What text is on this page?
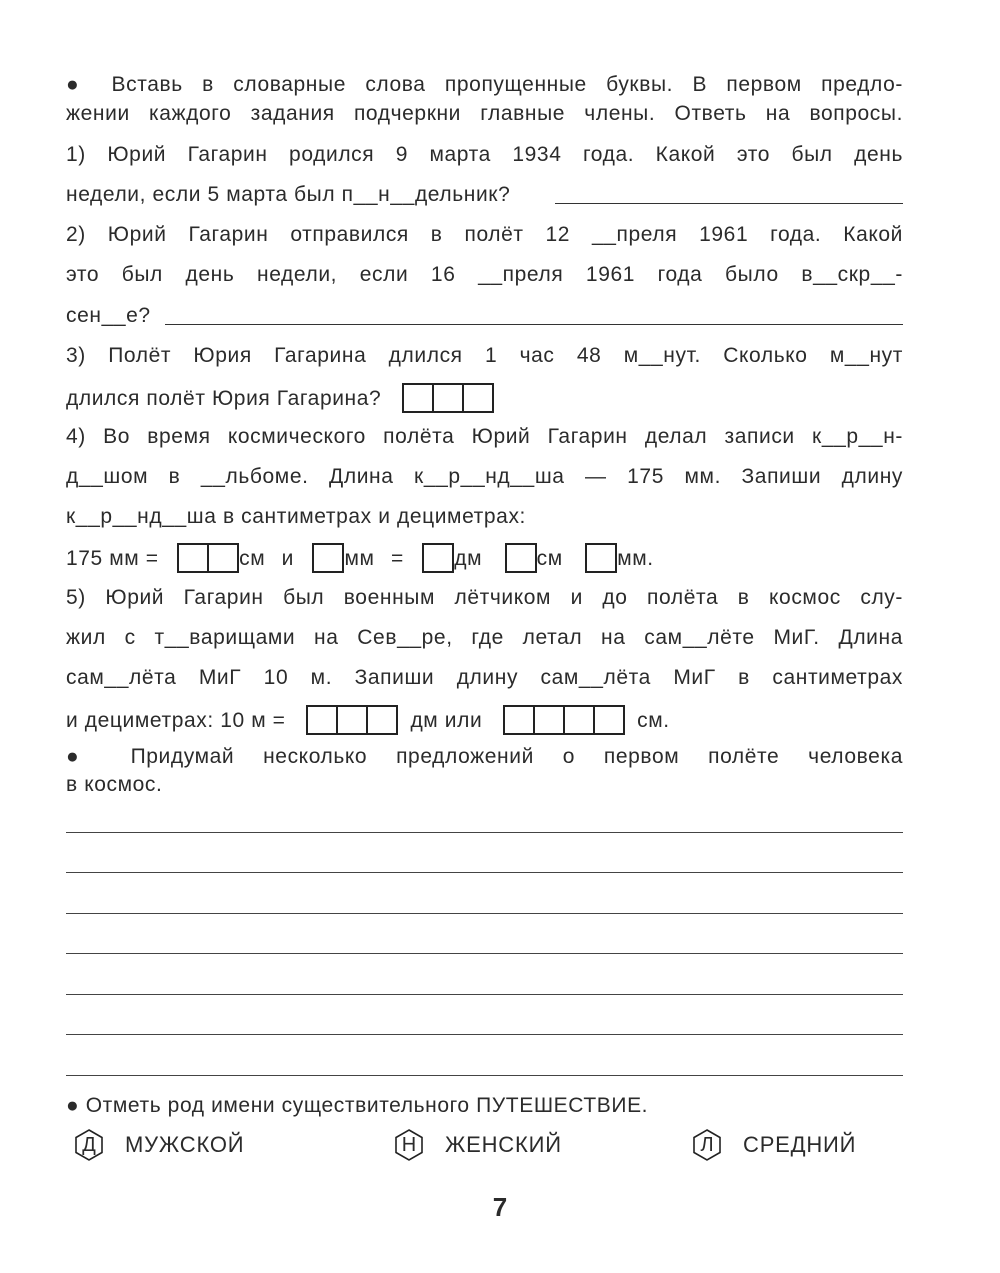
● Вставь в словарные слова пропущенные буквы. В первом предло-
жении каждого задания подчеркни главные члены. Ответь на вопросы.
1) Юрий Гагарин родился 9 марта 1934 года. Какой это был день
недели, если 5 марта был п__н__дельник?
2) Юрий Гагарин отправился в полёт 12 __преля 1961 года. Какой
это был день недели, если 16 __преля 1961 года было в__скр__-
сен__е?
3) Полёт Юрия Гагарина длился 1 час 48 м__нут. Сколько м__нут
длился полёт Юрия Гагарина?
4) Во время космического полёта Юрий Гагарин делал записи к__р__н-
д__шом в __льбоме. Длина к__р__нд__ша — 175 мм. Запиши длину
к__р__нд__ша в сантиметрах и дециметрах:
175 мм =	см и мм = дм	см	мм.
5) Юрий Гагарин был военным лётчиком и до полёта в космос слу-
жил с т__варищами на Сев__ре, где летал на сам__лёте МиГ. Длина
сам__лёта МиГ 10 м. Запиши длину сам__лёта МиГ в сантиметрах
и дециметрах: 10 м =	дм или	см.
● Придумай несколько предложений о первом полёте человека
в космос.
● Отметь род имени существительного ПУТЕШЕСТВИЕ.
Д	МУЖСКОЙ	Н	ЖЕНСКИЙ	Л	СРЕДНИЙ
7
